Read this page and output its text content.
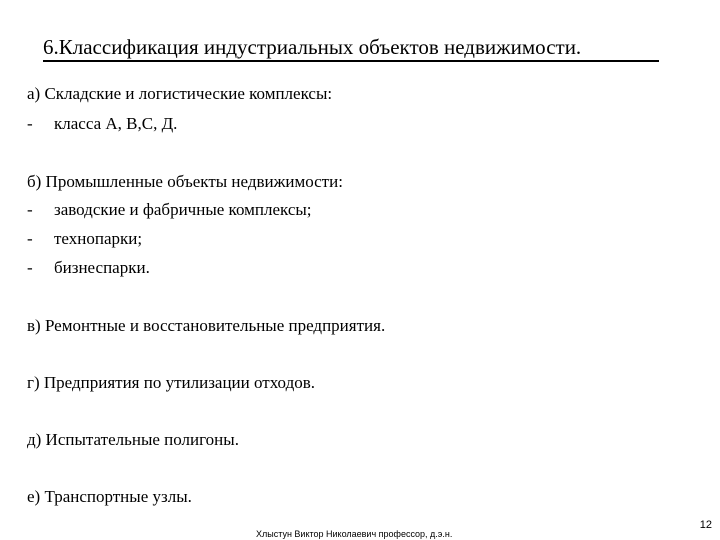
6.Классификация индустриальных объектов недвижимости.
а) Складские и логистические комплексы:
- класса А, В,С, Д.
б) Промышленные объекты недвижимости:
- заводские и фабричные комплексы;
- технопарки;
- бизнеспарки.
в) Ремонтные и восстановительные предприятия.
г) Предприятия по утилизации отходов.
д) Испытательные полигоны.
е) Транспортные узлы.
Хлыстун Виктор Николаевич профессор, д.э.н.
12
